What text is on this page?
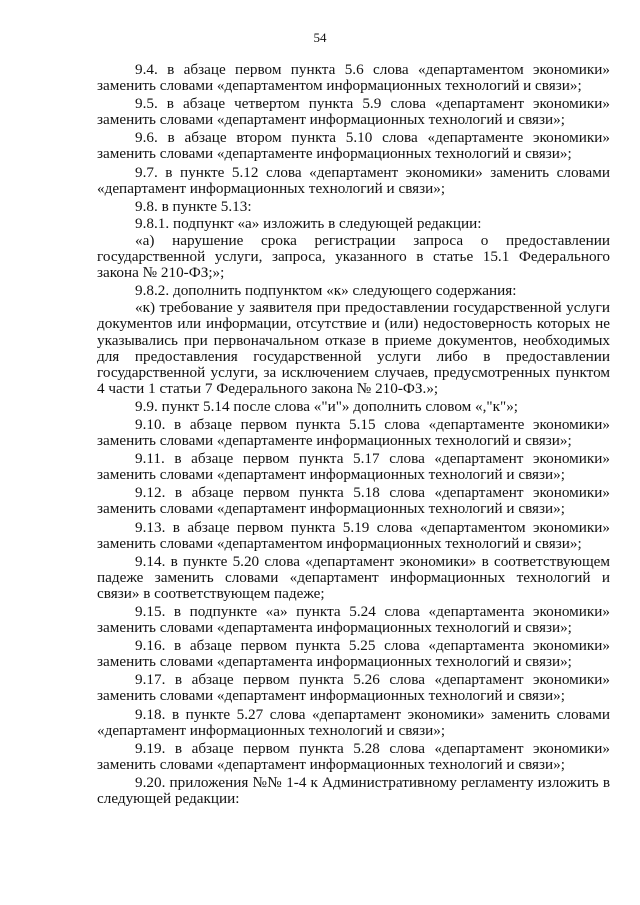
54

9.4. в абзаце первом пункта 5.6 слова «департаментом экономики» заменить словами «департаментом информационных технологий и связи»;

9.5. в абзаце четвертом пункта 5.9 слова «департамент экономики» заменить словами «департамент информационных технологий и связи»;

9.6. в абзаце втором пункта 5.10 слова «департаменте экономики» заменить словами «департаменте информационных технологий и связи»;

9.7. в пункте 5.12 слова «департамент экономики» заменить словами «департамент информационных технологий и связи»;

9.8. в пункте 5.13:

9.8.1. подпункт «а» изложить в следующей редакции:

«а) нарушение срока регистрации запроса о предоставлении государственной услуги, запроса, указанного в статье 15.1 Федерального закона № 210-ФЗ;»;

9.8.2. дополнить подпунктом «к» следующего содержания:

«к) требование у заявителя при предоставлении государственной услуги документов или информации, отсутствие и (или) недостоверность которых не указывались при первоначальном отказе в приеме документов, необходимых для предоставления государственной услуги либо в предоставлении государственной услуги, за исключением случаев, предусмотренных пунктом 4 части 1 статьи 7 Федерального закона № 210-ФЗ.»;

9.9. пункт 5.14 после слова «"и"» дополнить словом «,"к"»;

9.10. в абзаце первом пункта 5.15 слова «департаменте экономики» заменить словами «департаменте информационных технологий и связи»;

9.11. в абзаце первом пункта 5.17 слова «департамент экономики» заменить словами «департамент информационных технологий и связи»;

9.12. в абзаце первом пункта 5.18 слова «департамент экономики» заменить словами «департамент информационных технологий и связи»;

9.13. в абзаце первом пункта 5.19 слова «департаментом экономики» заменить словами «департаментом информационных технологий и связи»;

9.14. в пункте 5.20 слова «департамент экономики» в соответствующем падеже заменить словами «департамент информационных технологий и связи» в соответствующем падеже;

9.15. в подпункте «а» пункта 5.24 слова «департамента экономики» заменить словами «департамента информационных технологий и связи»;

9.16. в абзаце первом пункта 5.25 слова «департамента экономики» заменить словами «департамента информационных технологий и связи»;

9.17. в абзаце первом пункта 5.26 слова «департамент экономики» заменить словами «департамент информационных технологий и связи»;

9.18. в пункте 5.27 слова «департамент экономики» заменить словами «департамент информационных технологий и связи»;

9.19. в абзаце первом пункта 5.28 слова «департамент экономики» заменить словами «департамент информационных технологий и связи»;

9.20. приложения №№ 1-4 к Административному регламенту изложить в следующей редакции:
